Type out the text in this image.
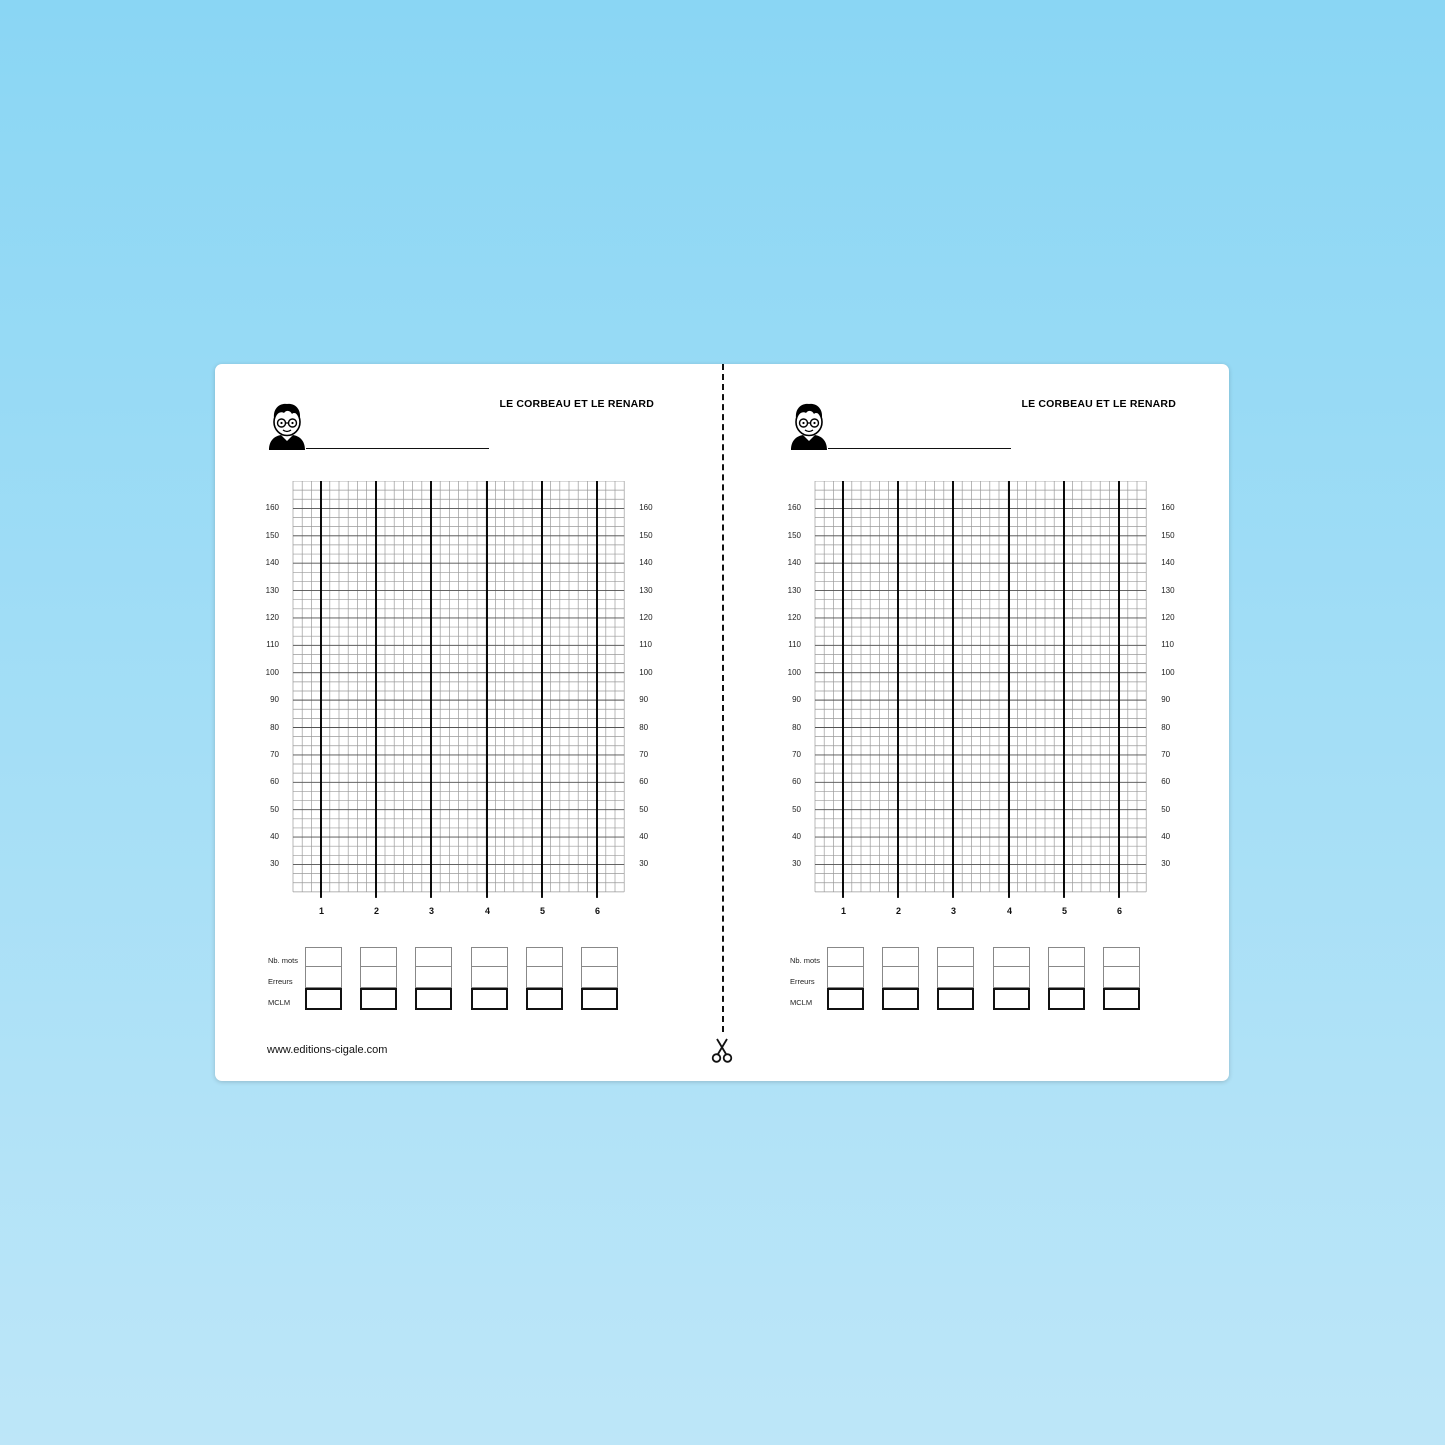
www.editions-cigale.com
LE CORBEAU ET LE RENARD
160	160
150	150
140	140
130	130
120	120
110	110
100	100
90	90
80	80
70	70
60	60
50	50
40	40
30	30
1	2	3	4	5	6
Nb. mots
Erreurs
MCLM
LE CORBEAU ET LE RENARD
160	160
150	150
140	140
130	130
120	120
110	110
100	100
90	90
80	80
70	70
60	60
50	50
40	40
30	30
1	2	3	4	5	6
Nb. mots
Erreurs
MCLM
